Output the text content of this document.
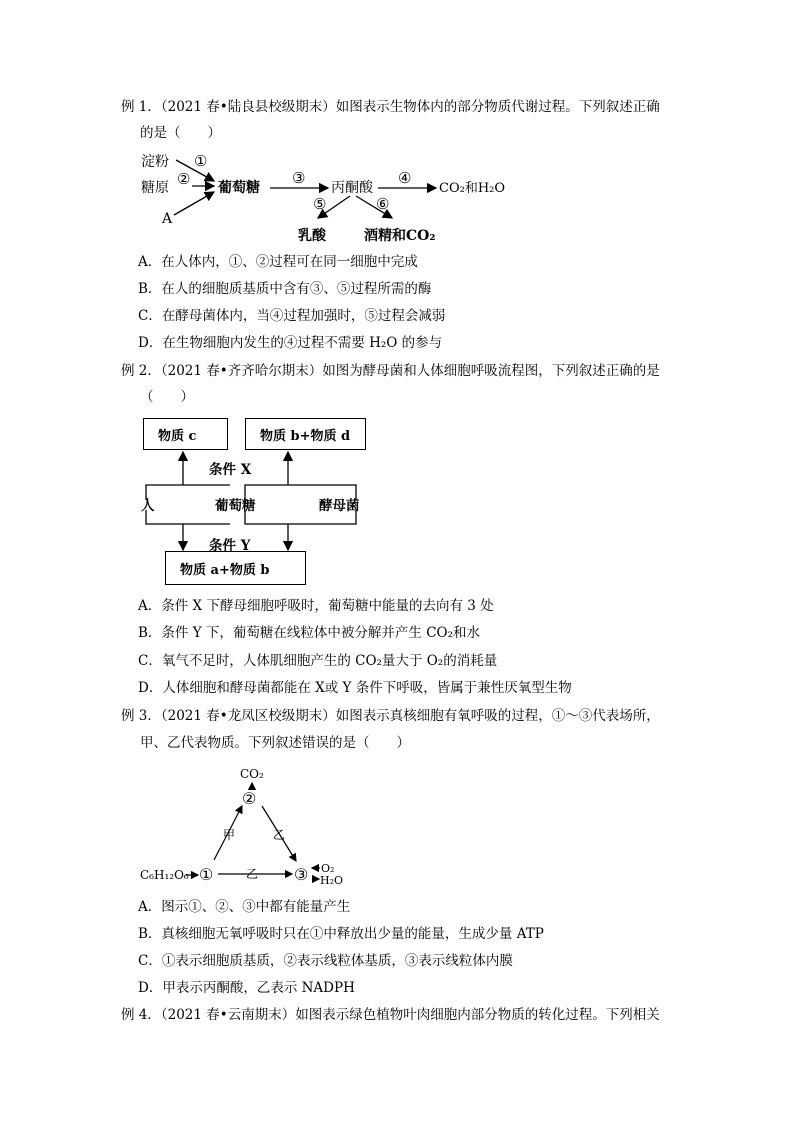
例 1．（2021 春•陆良县校级期末）如图表示生物体内的部分物质代谢过程。下列叙述正确
的是（　　）
淀粉 ①
糖原 ②
A
葡萄糖
③
丙酮酸
④
CO₂和H₂O
⑤	⑥
乳酸	酒精和CO₂
A．在人体内，①、②过程可在同一细胞中完成
B．在人的细胞质基质中含有③、⑤过程所需的酶
C．在酵母菌体内，当④过程加强时，⑤过程会减弱
D．在生物细胞内发生的④过程不需要 H₂O 的参与
例 2．（2021 春•齐齐哈尔期末）如图为酵母菌和人体细胞呼吸流程图，下列叙述正确的是
（　　）
物质 c	物质 b+物质 d
物质 a+物质 b
条件 X
人	葡萄糖	酵母菌
条件 Y
A．条件 X 下酵母细胞呼吸时，葡萄糖中能量的去向有 3 处
B．条件 Y 下，葡萄糖在线粒体中被分解并产生 CO₂和水
C．氧气不足时，人体肌细胞产生的 CO₂量大于 O₂的消耗量
D．人体细胞和酵母菌都能在 X或 Y 条件下呼吸，皆属于兼性厌氧型生物
例 3．（2021 春•龙凤区校级期末）如图表示真核细胞有氧呼吸的过程，①～③代表场所，
甲、乙代表物质。下列叙述错误的是（　　）
CO₂
②
甲	乙
C₆H₁₂O₆ ①	乙 ③ O₂
H₂O
A．图示①、②、③中都有能量产生
B．真核细胞无氧呼吸时只在①中释放出少量的能量，生成少量 ATP
C．①表示细胞质基质，②表示线粒体基质，③表示线粒体内膜
D．甲表示丙酮酸，乙表示 NADPH
例 4．（2021 春•云南期末）如图表示绿色植物叶肉细胞内部分物质的转化过程。下列相关
